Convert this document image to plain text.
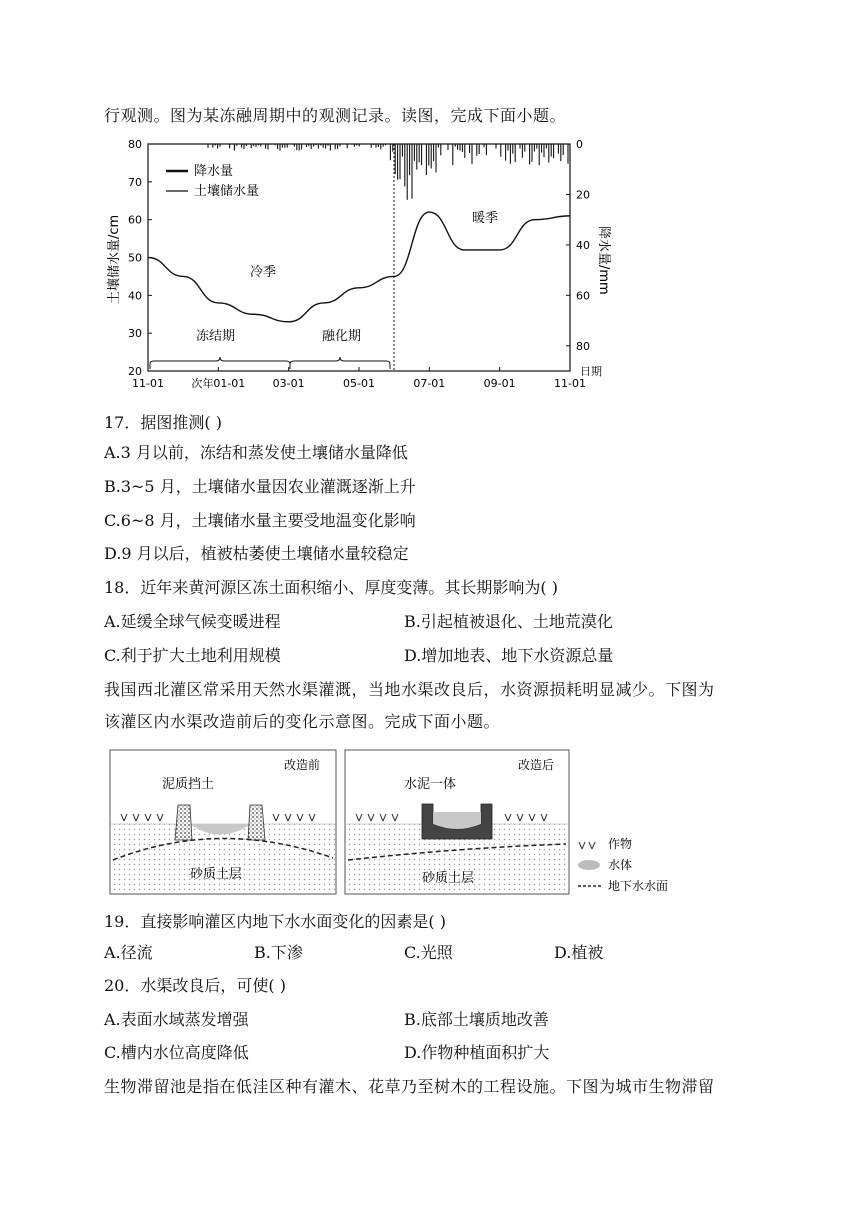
行观测。图为某冻融周期中的观测记录。读图，完成下面小题。
80
70
60
50
40
30
20
0
20
40
60
80
11-01 次年01-01 03-01	05-01	07-01	09-01	11-01
土壤储水量/cm	降水量/mm
日期
降水量
土壤储水量
冷季
暖季
冻结期	融化期
17．据图推测( )
A.3 月以前，冻结和蒸发使土壤储水量降低
B.3~5 月，土壤储水量因农业灌溉逐渐上升
C.6~8 月，土壤储水量主要受地温变化影响
D.9 月以后，植被枯萎使土壤储水量较稳定
18．近年来黄河源区冻土面积缩小、厚度变薄。其长期影响为( )
A.延缓全球气候变暖进程	B.引起植被退化、土地荒漠化
C.利于扩大土地利用规模	D.增加地表、地下水资源总量
我国西北灌区常采用天然水渠灌溉，当地水渠改良后，水资源损耗明显减少。下图为
该灌区内水渠改造前后的变化示意图。完成下面小题。
改造前
泥质挡土
砂质土层
改造后
水泥一体
砂质土层
作物
水体
地下水水面
19．直接影响灌区内地下水水面变化的因素是( )
A.径流	B.下渗	C.光照	D.植被
20．水渠改良后，可使( )
A.表面水域蒸发增强	B.底部土壤质地改善
C.槽内水位高度降低	D.作物种植面积扩大
生物滞留池是指在低洼区种有灌木、花草乃至树木的工程设施。下图为城市生物滞留
